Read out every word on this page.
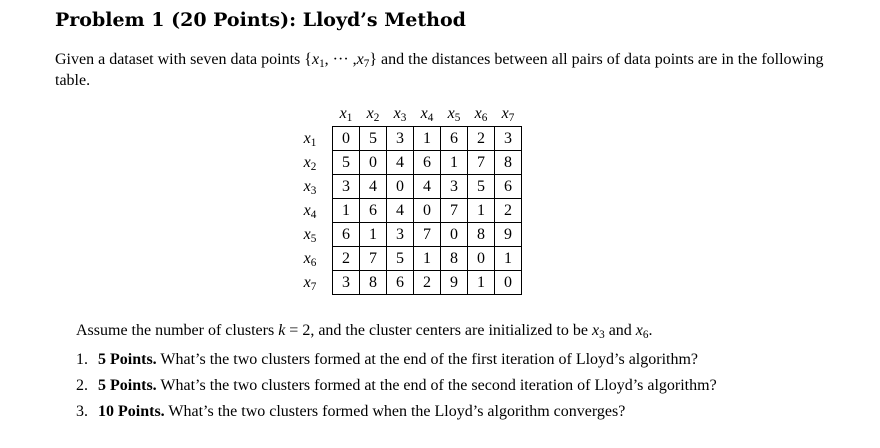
Problem 1 (20 Points): Lloyd’s Method
Given a dataset with seven data points {$x_1$, ··· $,x_7$} and the distances between all pairs of data points are in the following table.
	$x_1$	$x_2$	$x_3$	$x_4$	$x_5$	$x_6$	$x_7$
$x_1$	0	5	3	1	6	2	3
$x_2$	5	0	4	6	1	7	8
$x_3$	3	4	0	4	3	5	6
$x_4$	1	6	4	0	7	1	2
$x_5$	6	1	3	7	0	8	9
$x_6$	2	7	5	1	8	0	1
$x_7$	3	8	6	2	9	1	0
Assume the number of clusters k = 2, and the cluster centers are initialized to be $x_3$ and $x_6$.
1. 5 Points. What’s the two clusters formed at the end of the first iteration of Lloyd’s algorithm?
2. 5 Points. What’s the two clusters formed at the end of the second iteration of Lloyd’s algorithm?
3. 10 Points. What’s the two clusters formed when the Lloyd’s algorithm converges?
